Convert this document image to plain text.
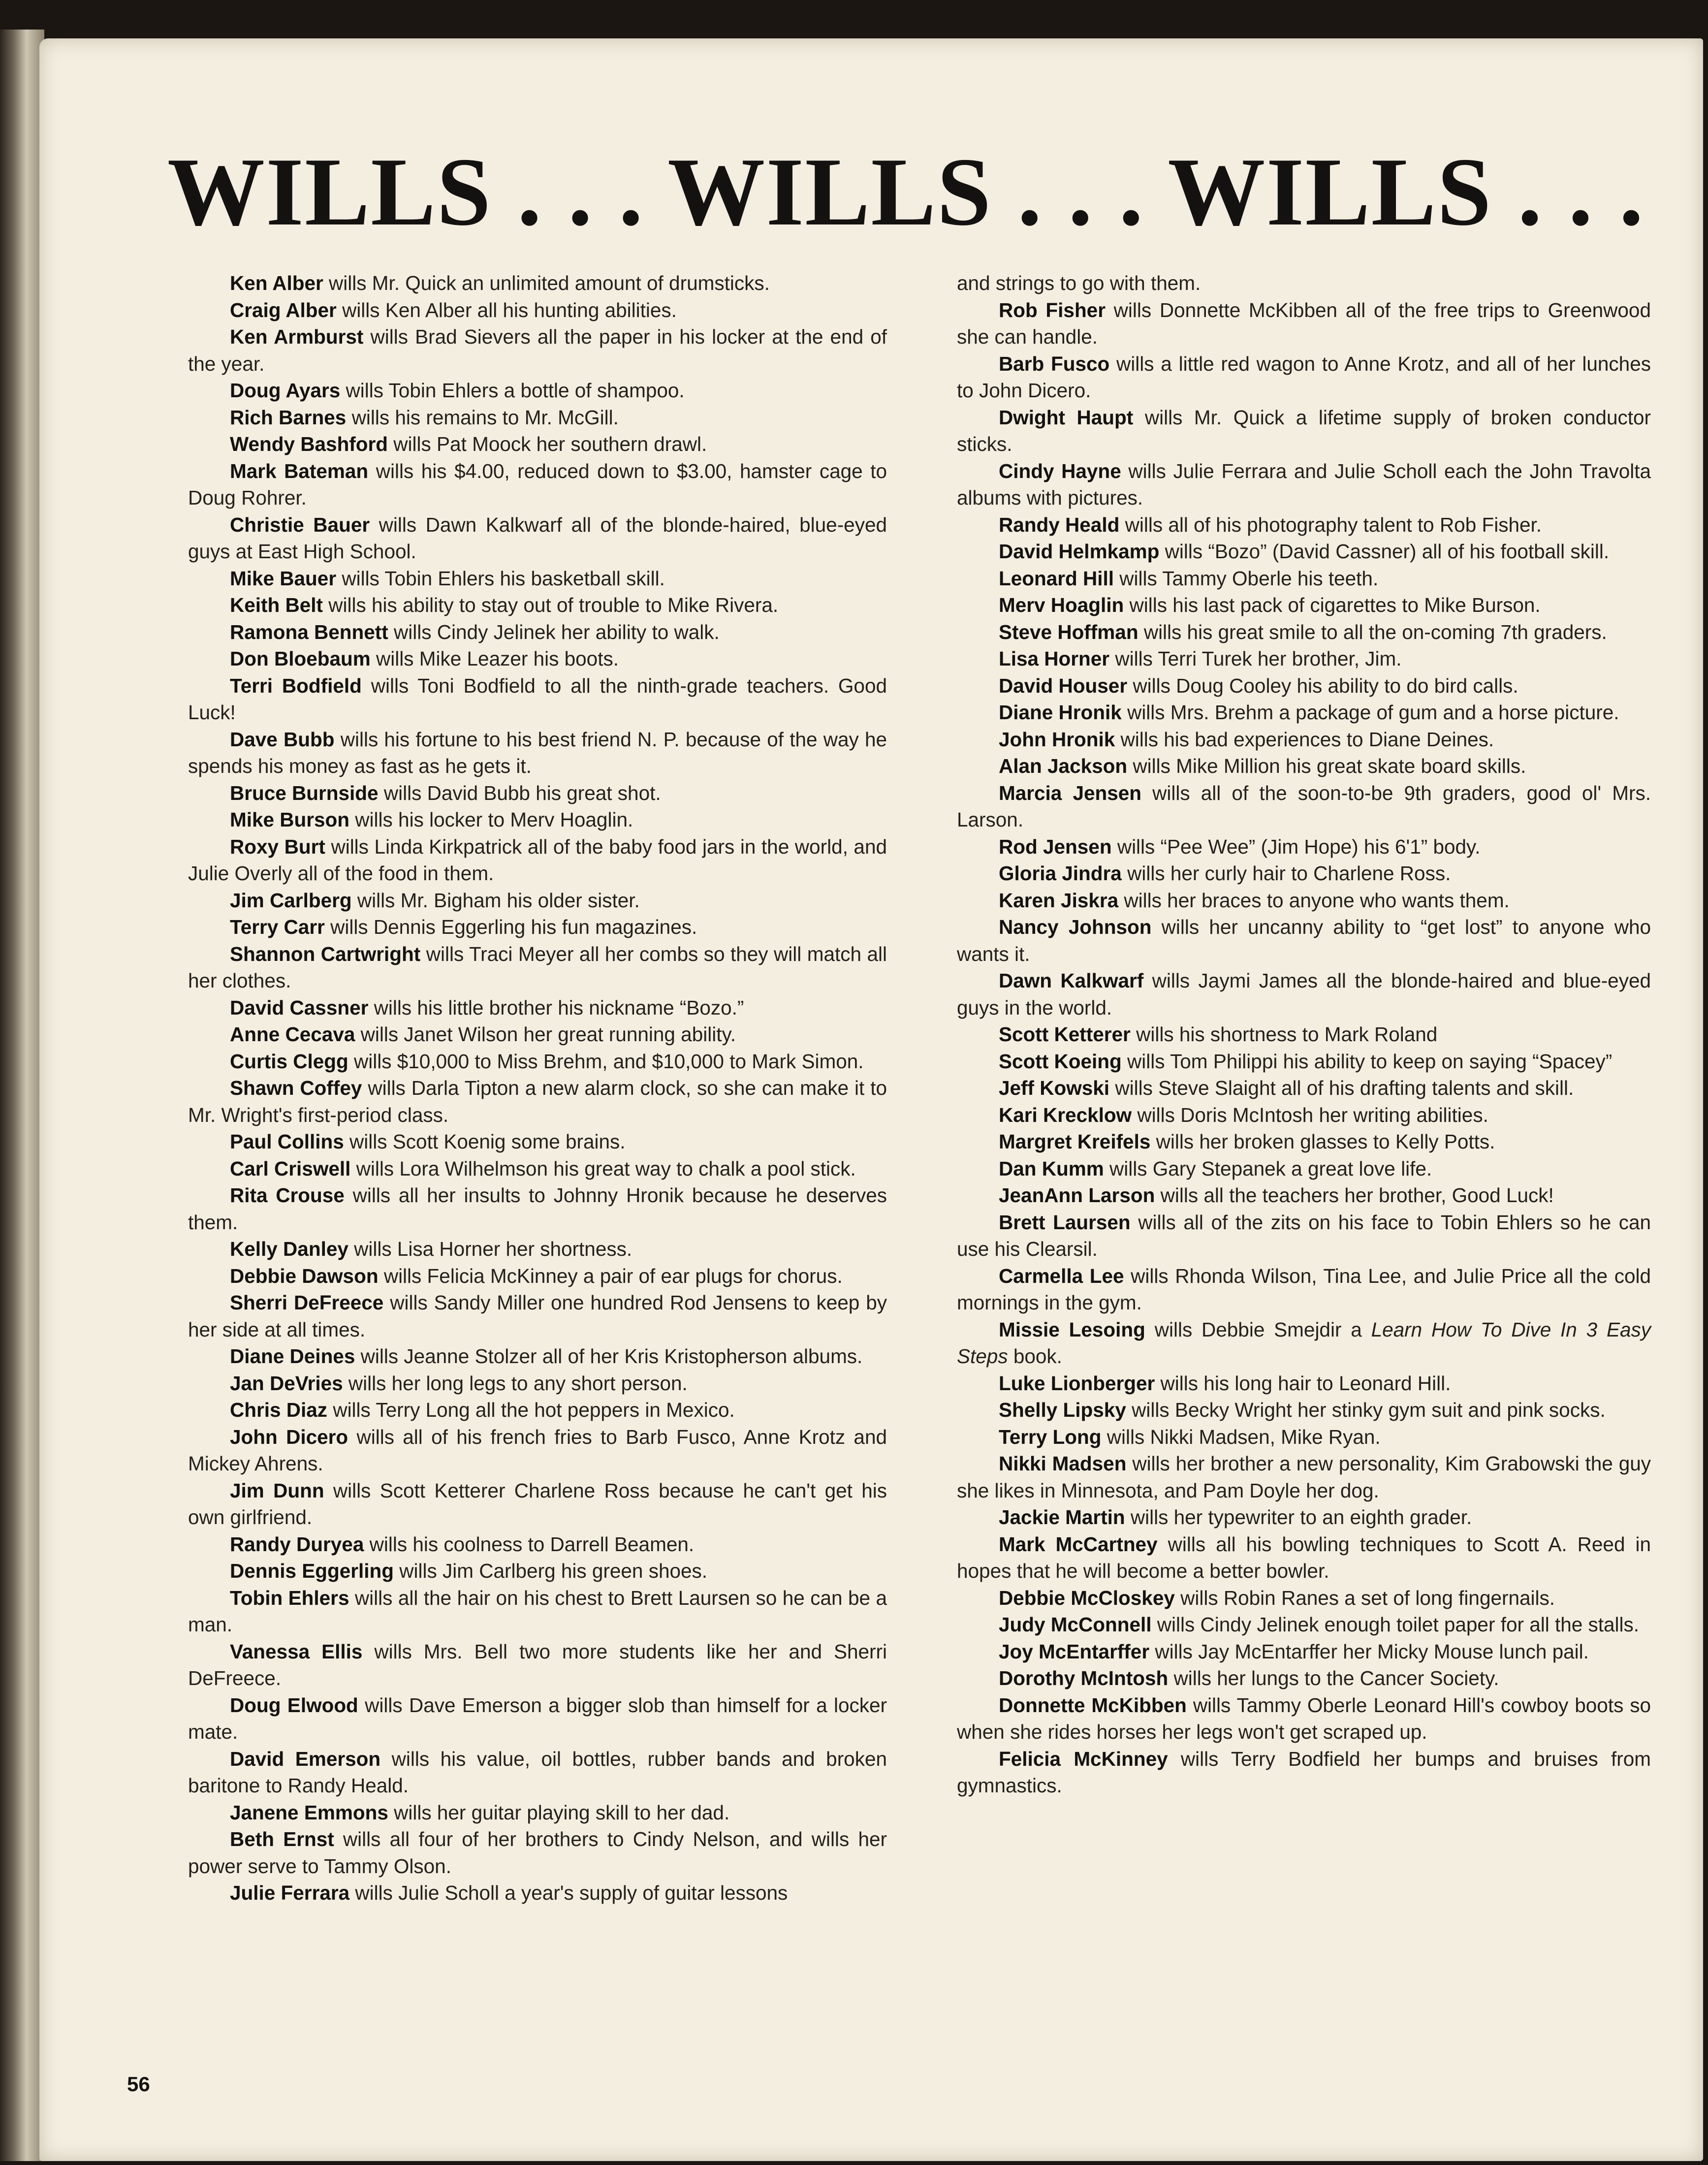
WILLS . . . WILLS . . . WILLS . . .

Ken Alber wills Mr. Quick an unlimited amount of drumsticks.

Craig Alber wills Ken Alber all his hunting abilities.

Ken Armburst wills Brad Sievers all the paper in his locker at the end of the year.

Doug Ayars wills Tobin Ehlers a bottle of shampoo.

Rich Barnes wills his remains to Mr. McGill.

Wendy Bashford wills Pat Moock her southern drawl.

Mark Bateman wills his $4.00, reduced down to $3.00, hamster cage to Doug Rohrer.

Christie Bauer wills Dawn Kalkwarf all of the blonde-haired, blue-eyed guys at East High School.

Mike Bauer wills Tobin Ehlers his basketball skill.

Keith Belt wills his ability to stay out of trouble to Mike Rivera.

Ramona Bennett wills Cindy Jelinek her ability to walk.

Don Bloebaum wills Mike Leazer his boots.

Terri Bodfield wills Toni Bodfield to all the ninth-grade teachers. Good Luck!

Dave Bubb wills his fortune to his best friend N. P. because of the way he spends his money as fast as he gets it.

Bruce Burnside wills David Bubb his great shot.

Mike Burson wills his locker to Merv Hoaglin.

Roxy Burt wills Linda Kirkpatrick all of the baby food jars in the world, and Julie Overly all of the food in them.

Jim Carlberg wills Mr. Bigham his older sister.

Terry Carr wills Dennis Eggerling his fun magazines.

Shannon Cartwright wills Traci Meyer all her combs so they will match all her clothes.

David Cassner wills his little brother his nickname “Bozo.”

Anne Cecava wills Janet Wilson her great running ability.

Curtis Clegg wills $10,000 to Miss Brehm, and $10,000 to Mark Simon.

Shawn Coffey wills Darla Tipton a new alarm clock, so she can make it to Mr. Wright's first-period class.

Paul Collins wills Scott Koenig some brains.

Carl Criswell wills Lora Wilhelmson his great way to chalk a pool stick.

Rita Crouse wills all her insults to Johnny Hronik because he deserves them.

Kelly Danley wills Lisa Horner her shortness.

Debbie Dawson wills Felicia McKinney a pair of ear plugs for chorus.

Sherri DeFreece wills Sandy Miller one hundred Rod Jensens to keep by her side at all times.

Diane Deines wills Jeanne Stolzer all of her Kris Kristopherson albums.

Jan DeVries wills her long legs to any short person.

Chris Diaz wills Terry Long all the hot peppers in Mexico.

John Dicero wills all of his french fries to Barb Fusco, Anne Krotz and Mickey Ahrens.

Jim Dunn wills Scott Ketterer Charlene Ross because he can't get his own girlfriend.

Randy Duryea wills his coolness to Darrell Beamen.

Dennis Eggerling wills Jim Carlberg his green shoes.

Tobin Ehlers wills all the hair on his chest to Brett Laursen so he can be a man.

Vanessa Ellis wills Mrs. Bell two more students like her and Sherri DeFreece.

Doug Elwood wills Dave Emerson a bigger slob than himself for a locker mate.

David Emerson wills his value, oil bottles, rubber bands and broken baritone to Randy Heald.

Janene Emmons wills her guitar playing skill to her dad.

Beth Ernst wills all four of her brothers to Cindy Nelson, and wills her power serve to Tammy Olson.

Julie Ferrara wills Julie Scholl a year's supply of guitar lessons

and strings to go with them.

Rob Fisher wills Donnette McKibben all of the free trips to Greenwood she can handle.

Barb Fusco wills a little red wagon to Anne Krotz, and all of her lunches to John Dicero.

Dwight Haupt wills Mr. Quick a lifetime supply of broken conductor sticks.

Cindy Hayne wills Julie Ferrara and Julie Scholl each the John Travolta albums with pictures.

Randy Heald wills all of his photography talent to Rob Fisher.

David Helmkamp wills “Bozo” (David Cassner) all of his football skill.

Leonard Hill wills Tammy Oberle his teeth.

Merv Hoaglin wills his last pack of cigarettes to Mike Burson.

Steve Hoffman wills his great smile to all the on-coming 7th graders.

Lisa Horner wills Terri Turek her brother, Jim.

David Houser wills Doug Cooley his ability to do bird calls.

Diane Hronik wills Mrs. Brehm a package of gum and a horse picture.

John Hronik wills his bad experiences to Diane Deines.

Alan Jackson wills Mike Million his great skate board skills.

Marcia Jensen wills all of the soon-to-be 9th graders, good ol' Mrs. Larson.

Rod Jensen wills “Pee Wee” (Jim Hope) his 6'1” body.

Gloria Jindra wills her curly hair to Charlene Ross.

Karen Jiskra wills her braces to anyone who wants them.

Nancy Johnson wills her uncanny ability to “get lost” to anyone who wants it.

Dawn Kalkwarf wills Jaymi James all the blonde-haired and blue-eyed guys in the world.

Scott Ketterer wills his shortness to Mark Roland

Scott Koeing wills Tom Philippi his ability to keep on saying “Spacey”

Jeff Kowski wills Steve Slaight all of his drafting talents and skill.

Kari Krecklow wills Doris McIntosh her writing abilities.

Margret Kreifels wills her broken glasses to Kelly Potts.

Dan Kumm wills Gary Stepanek a great love life.

JeanAnn Larson wills all the teachers her brother, Good Luck!

Brett Laursen wills all of the zits on his face to Tobin Ehlers so he can use his Clearsil.

Carmella Lee wills Rhonda Wilson, Tina Lee, and Julie Price all the cold mornings in the gym.

Missie Lesoing wills Debbie Smejdir a Learn How To Dive In 3 Easy Steps book.

Luke Lionberger wills his long hair to Leonard Hill.

Shelly Lipsky wills Becky Wright her stinky gym suit and pink socks.

Terry Long wills Nikki Madsen, Mike Ryan.

Nikki Madsen wills her brother a new personality, Kim Grabowski the guy she likes in Minnesota, and Pam Doyle her dog.

Jackie Martin wills her typewriter to an eighth grader.

Mark McCartney wills all his bowling techniques to Scott A. Reed in hopes that he will become a better bowler.

Debbie McCloskey wills Robin Ranes a set of long fingernails.

Judy McConnell wills Cindy Jelinek enough toilet paper for all the stalls.

Joy McEntarffer wills Jay McEntarffer her Micky Mouse lunch pail.

Dorothy McIntosh wills her lungs to the Cancer Society.

Donnette McKibben wills Tammy Oberle Leonard Hill's cowboy boots so when she rides horses her legs won't get scraped up.

Felicia McKinney wills Terry Bodfield her bumps and bruises from gymnastics.

56
